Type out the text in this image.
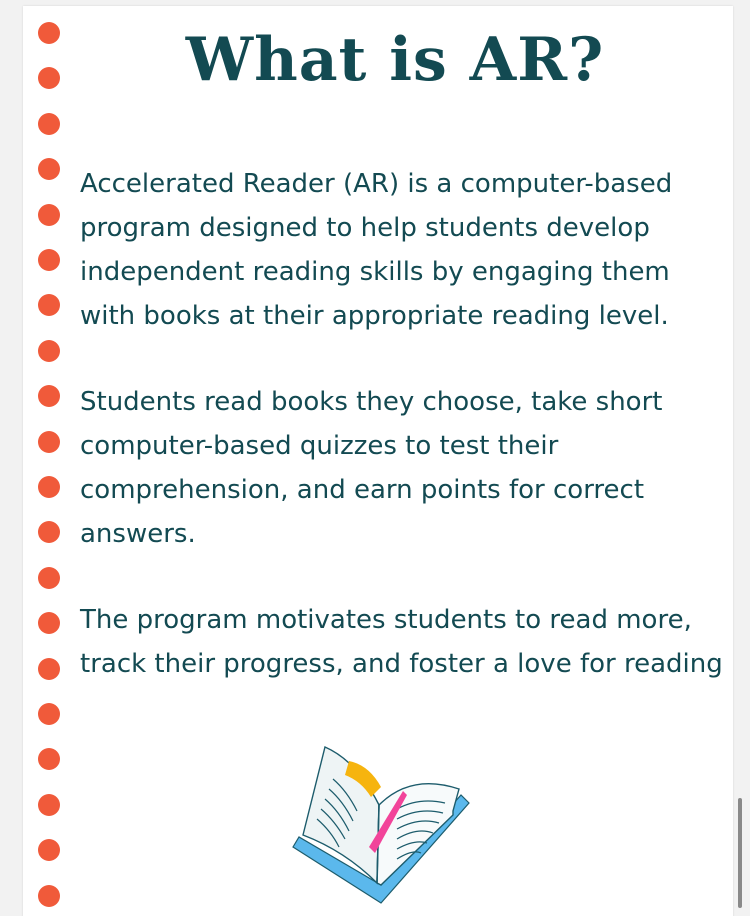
What is AR?

Accelerated Reader (AR) is a computer-based
program designed to help students develop
independent reading skills by engaging them
with books at their appropriate reading level.

Students read books they choose, take short
computer-based quizzes to test their
comprehension, and earn points for correct
answers.

The program motivates students to read more,
track their progress, and foster a love for reading
